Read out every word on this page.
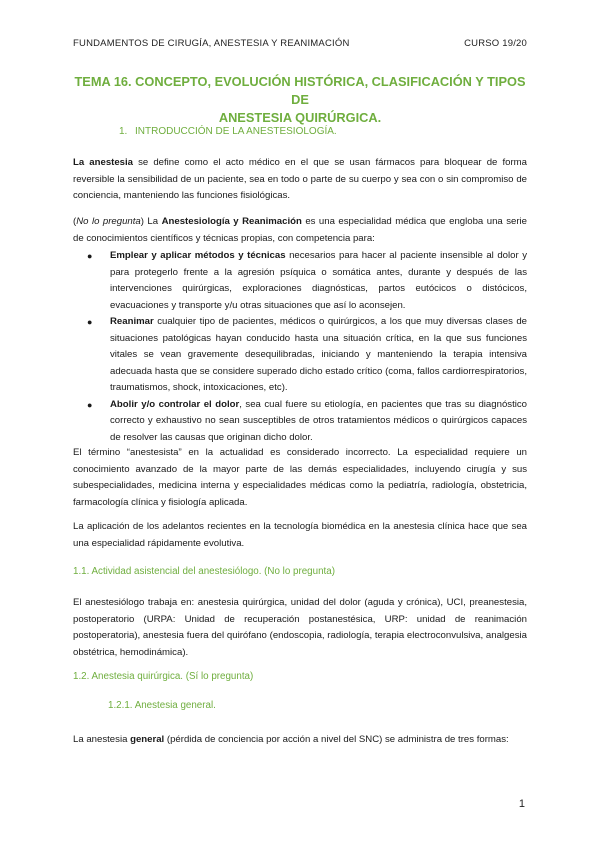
FUNDAMENTOS DE CIRUGÍA, ANESTESIA Y REANIMACIÓN	CURSO 19/20
TEMA 16. CONCEPTO, EVOLUCIÓN HISTÓRICA, CLASIFICACIÓN Y TIPOS DE
ANESTESIA QUIRÚRGICA.
1. INTRODUCCIÓN DE LA ANESTESIOLOGÍA.
La anestesia se define como el acto médico en el que se usan fármacos para bloquear de forma reversible la sensibilidad de un paciente, sea en todo o parte de su cuerpo y sea con o sin compromiso de conciencia, manteniendo las funciones fisiológicas.
(No lo pregunta) La Anestesiología y Reanimación es una especialidad médica que engloba una serie de conocimientos científicos y técnicas propias, con competencia para:

● Emplear y aplicar métodos y técnicas necesarios para hacer al paciente insensible al dolor y para protegerlo frente a la agresión psíquica o somática antes, durante y después de las intervenciones quirúrgicas, exploraciones diagnósticas, partos eutócicos o distócicos, evacuaciones y transporte y/u otras situaciones que así lo aconsejen.

● Reanimar cualquier tipo de pacientes, médicos o quirúrgicos, a los que muy diversas clases de situaciones patológicas hayan conducido hasta una situación crítica, en la que sus funciones vitales se vean gravemente desequilibradas, iniciando y manteniendo la terapia intensiva adecuada hasta que se considere superado dicho estado crítico (coma, fallos cardiorrespiratorios, traumatismos, shock, intoxicaciones, etc).

● Abolir y/o controlar el dolor, sea cual fuere su etiología, en pacientes que tras su diagnóstico correcto y exhaustivo no sean susceptibles de otros tratamientos médicos o quirúrgicos capaces de resolver las causas que originan dicho dolor.

El término “anestesista” en la actualidad es considerado incorrecto. La especialidad requiere un conocimiento avanzado de la mayor parte de las demás especialidades, incluyendo cirugía y sus subespecialidades, medicina interna y especialidades médicas como la pediatría, radiología, obstetricia, farmacología clínica y fisiología aplicada.
La aplicación de los adelantos recientes en la tecnología biomédica en la anestesia clínica hace que sea una especialidad rápidamente evolutiva.
1.1. Actividad asistencial del anestesiólogo. (No lo pregunta)
El anestesiólogo trabaja en: anestesia quirúrgica, unidad del dolor (aguda y crónica), UCI, preanestesia, postoperatorio (URPA: Unidad de recuperación postanestésica, URP: unidad de reanimación postoperatoria), anestesia fuera del quirófano (endoscopia, radiología, terapia electroconvulsiva, analgesia obstétrica, hemodinámica).
1.2. Anestesia quirúrgica. (Sí lo pregunta)
1.2.1. Anestesia general.
La anestesia general (pérdida de conciencia por acción a nivel del SNC) se administra de tres formas:
1
